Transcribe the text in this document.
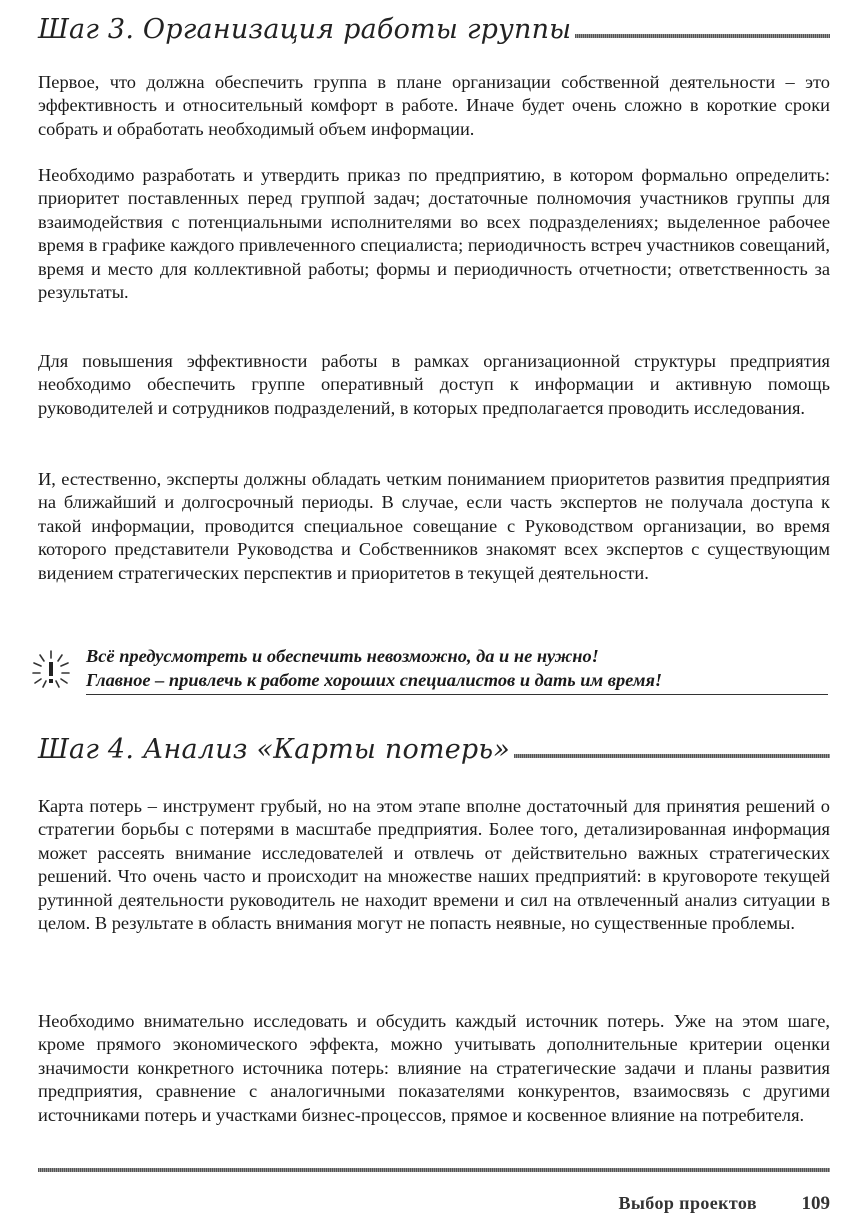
Шаг 3. Организация работы группы

Первое, что должна обеспечить группа в плане организации собственной деятельности – это эффективность и относительный комфорт в работе. Иначе будет очень сложно в короткие сроки собрать и обработать необходимый объем информации.

Необходимо разработать и утвердить приказ по предприятию, в котором формально определить: приоритет поставленных перед группой задач; достаточные полномочия участников группы для взаимодействия с потенциальными исполнителями во всех подразделениях; выделенное рабочее время в графике каждого привлеченного специалиста; периодичность встреч участников совещаний, время и место для коллективной работы; формы и периодичность отчетности; ответственность за результаты.

Для повышения эффективности работы в рамках организационной структуры предприятия необходимо обеспечить группе оперативный доступ к информации и активную помощь руководителей и сотрудников подразделений, в которых предполагается проводить исследования.

И, естественно, эксперты должны обладать четким пониманием приоритетов развития предприятия на ближайший и долгосрочный периоды. В случае, если часть экспертов не получала доступа к такой информации, проводится специальное совещание с Руководством организации, во время которого представители Руководства и Собственников знакомят всех экспертов с существующим видением стратегических перспектив и приоритетов в текущей деятельности.

Всё предусмотреть и обеспечить невозможно, да и не нужно!
Главное – привлечь к работе хороших специалистов и дать им время!
Шаг 4. Анализ «Карты потерь»

Карта потерь – инструмент грубый, но на этом этапе вполне достаточный для принятия решений о стратегии борьбы с потерями в масштабе предприятия. Более того, детализированная информация может рассеять внимание исследователей и отвлечь от действительно важных стратегических решений. Что очень часто и происходит на множестве наших предприятий: в круговороте текущей рутинной деятельности руководитель не находит времени и сил на отвлеченный анализ ситуации в целом. В результате в область внимания могут не попасть неявные, но существенные проблемы.

Необходимо внимательно исследовать и обсудить каждый источник потерь. Уже на этом шаге, кроме прямого экономического эффекта, можно учитывать дополнительные критерии оценки значимости конкретного источника потерь: влияние на стратегические задачи и планы развития предприятия, сравнение с аналогичными показателями конкурентов, взаимосвязь с другими источниками потерь и участками бизнес-процессов, прямое и косвенное влияние на потребителя.

Выбор проектов 109
